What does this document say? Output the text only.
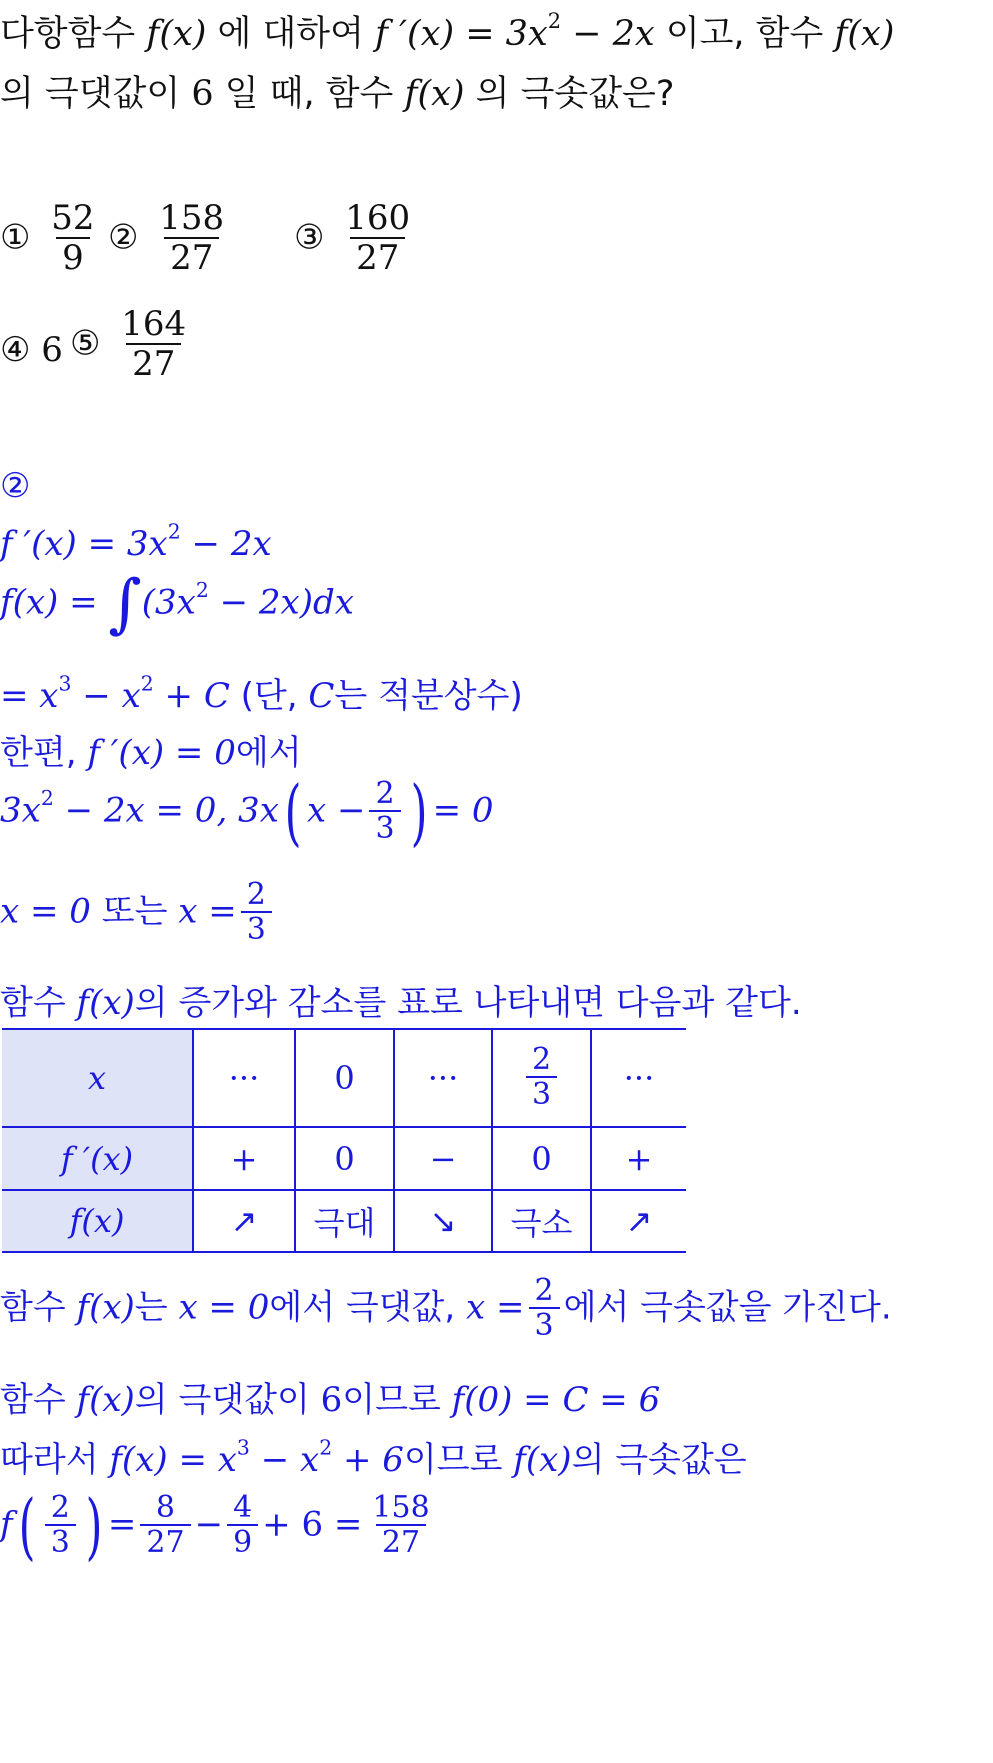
다항함수 f(x) 에 대하여 f $'(x) = 3x^2 - 2x$ 이고, 함수 f(x)
의 극댓값이 6 일 때, 함수 f(x) 의 극솟값은?
① $\frac{52}{9}$ ② $\frac{158}{27}$ ③ $\frac{160}{27}$
④ 6 ⑤ $\frac{164}{27}$
②
f $'(x) = 3x^2 - 2x$
$f(x) = \int(3x^2 - 2x)dx$
= $x^3 - x^2 + C$ (단, C는 적분상수)
한편, f ′(x) = 0에서
$3x^2 - 2x = 0$, 3x( $x - \frac{2}{3}$ ) = 0
x = 0 또는 $x = \frac{2}{3}$
함수 f(x)의 증가와 감소를 표로 나타내면 다음과 같다.
x	···	0	···	$\frac{2}{3}$	···
f ′(x)	+	0	−	0	+
f(x)	↗	극대	↘	극소	↗
함수 f(x)는 x = 0에서 극댓값, $x = \frac{2}{3}$ 에서 극솟값을 가진다.
함수 f(x)의 극댓값이 6이므로 f(0) = C = 6
따라서 $f(x) = x^3 - x^2 + 6$이므로 f(x)의 극솟값은
$f( \frac{2}{3}$ ) = $\frac{8}{27} - \frac{4}{9} + 6 = \frac{158}{27}$
